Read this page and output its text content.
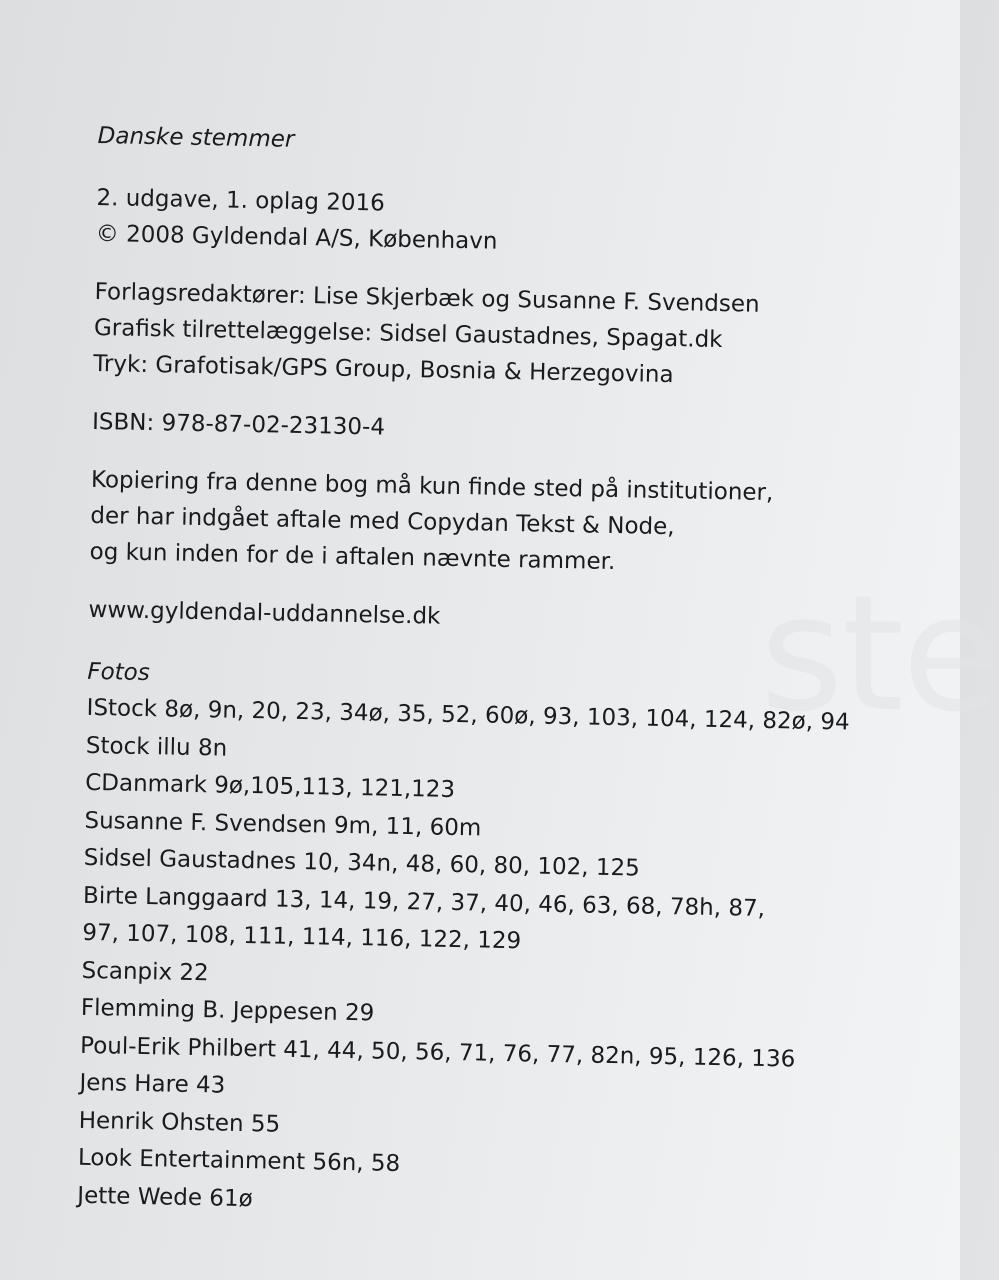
ste
Danske stemmer
2. udgave, 1. oplag 2016
© 2008 Gyldendal A/S, København
Forlagsredaktører: Lise Skjerbæk og Susanne F. Svendsen
Grafisk tilrettelæggelse: Sidsel Gaustadnes, Spagat.dk
Tryk: Grafotisak/GPS Group, Bosnia & Herzegovina
ISBN: 978-87-02-23130-4
Kopiering fra denne bog må kun finde sted på institutioner,
der har indgået aftale med Copydan Tekst & Node,
og kun inden for de i aftalen nævnte rammer.
www.gyldendal-uddannelse.dk
Fotos
IStock 8ø, 9n, 20, 23, 34ø, 35, 52, 60ø, 93, 103, 104, 124, 82ø, 94
Stock illu 8n
CDanmark 9ø,105,113, 121,123
Susanne F. Svendsen 9m, 11, 60m
Sidsel Gaustadnes 10, 34n, 48, 60, 80, 102, 125
Birte Langgaard 13, 14, 19, 27, 37, 40, 46, 63, 68, 78h, 87,
97, 107, 108, 111, 114, 116, 122, 129
Scanpix 22
Flemming B. Jeppesen 29
Poul-Erik Philbert 41, 44, 50, 56, 71, 76, 77, 82n, 95, 126, 136
Jens Hare 43
Henrik Ohsten 55
Look Entertainment 56n, 58
Jette Wede 61ø
